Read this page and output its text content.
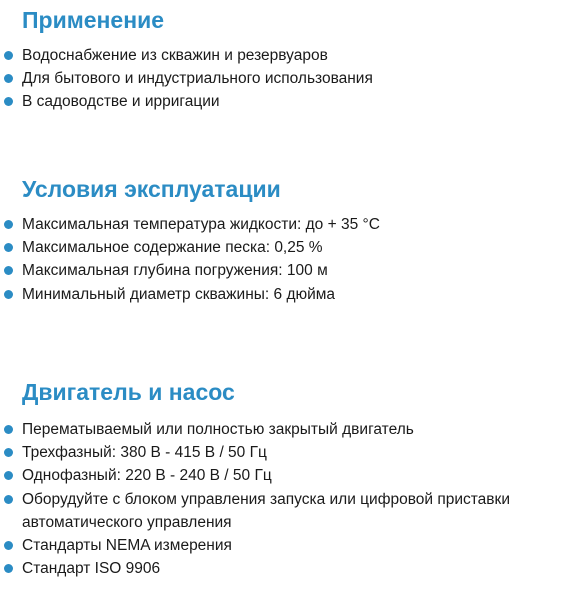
Применение
Водоснабжение из скважин и резервуаров
Для бытового и индустриального использования
В садоводстве и ирригации
Условия эксплуатации
Максимальная температура жидкости: до + 35 °C
Максимальное содержание песка: 0,25 %
Максимальная глубина погружения: 100 м
Минимальный диаметр скважины: 6 дюйма
Двигатель и насос
Перематываемый или полностью закрытый двигатель
Трехфазный: 380 В - 415 В / 50 Гц
Однофазный: 220 В - 240 В / 50 Гц
Оборудуйте с блоком управления запуска или цифровой приставки
автоматического управления
Стандарты NEMA измерения
Стандарт ISO 9906
